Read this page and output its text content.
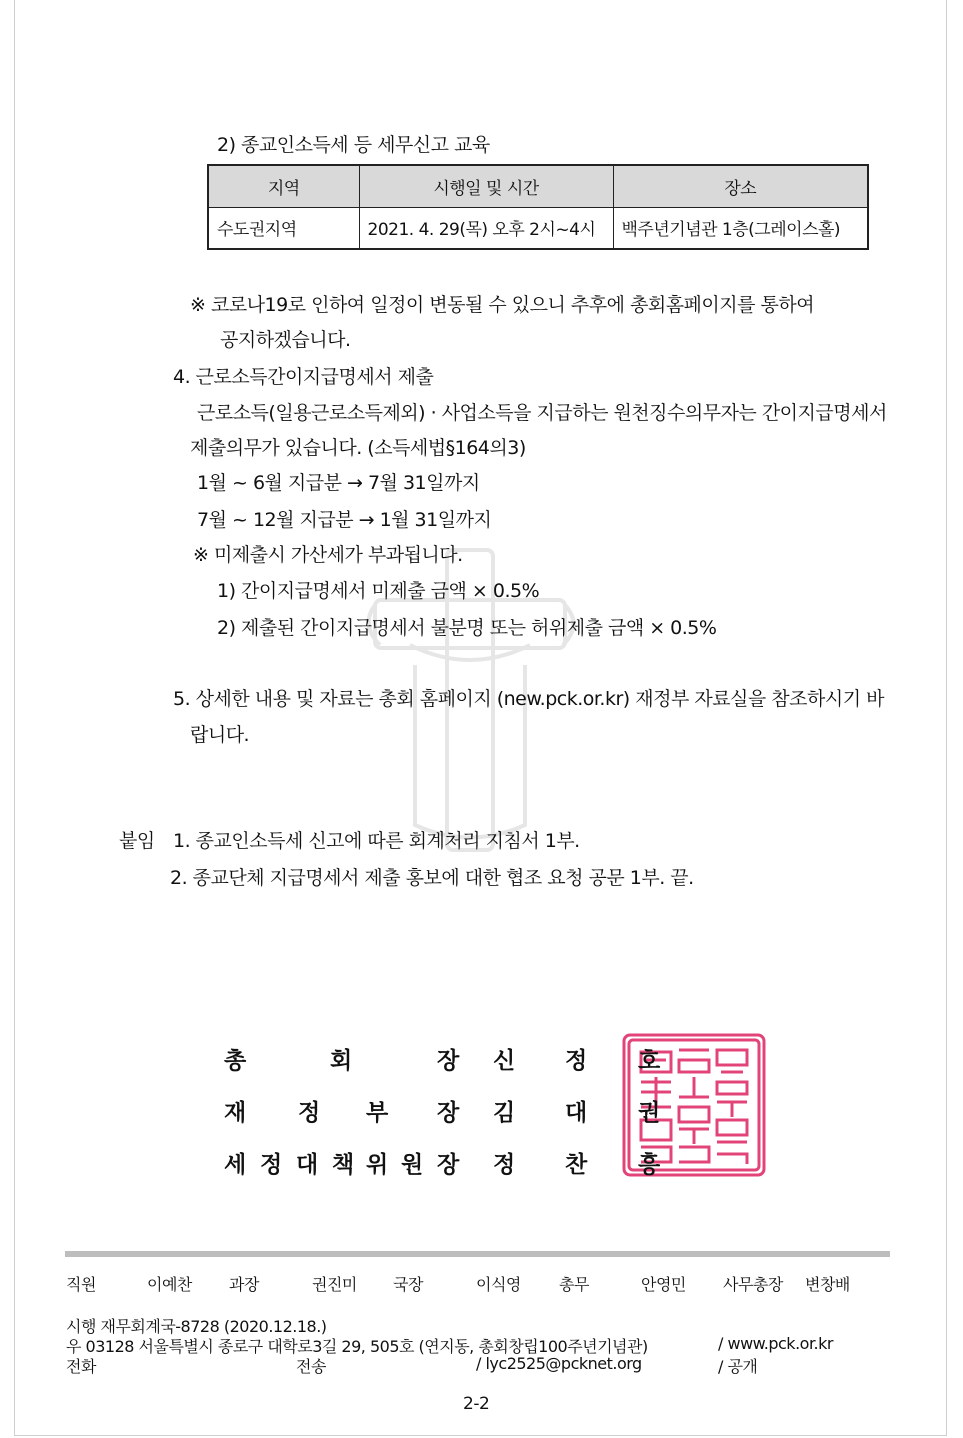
2) 종교인소득세 등 세무신고 교육
지역	시행일 및 시간	장소
수도권지역	2021. 4. 29(목) 오후 2시~4시	백주년기념관 1층(그레이스홀)
※ 코로나19로 인하여 일정이 변동될 수 있으니 추후에 총회홈페이지를 통하여
공지하겠습니다.
4. 근로소득간이지급명세서 제출
근로소득(일용근로소득제외) · 사업소득을 지급하는 원천징수의무자는 간이지급명세서
제출의무가 있습니다. (소득세법§164의3)
1월 ~ 6월 지급분 → 7월 31일까지
7월 ~ 12월 지급분 → 1월 31일까지
※ 미제출시 가산세가 부과됩니다.
1) 간이지급명세서 미제출 금액 × 0.5%
2) 제출된 간이지급명세서 불분명 또는 허위제출 금액 × 0.5%
5. 상세한 내용 및 자료는 총회 홈페이지 (new.pck.or.kr) 재정부 자료실을 참조하시기 바
랍니다.
붙임 1. 종교인소득세 신고에 따른 회계처리 지침서 1부.
2. 종교단체 지급명세서 제출 홍보에 대한 협조 요청 공문 1부. 끝.
총	회	장 신 정 호
재 정 부 장 김 대 권
세 정 대 책 위 원 장 정 찬 흥
직원	이예찬 과장	권진미 국장	이식영 총무	안영민 사무총장 변창배
시행 재무회계국-8728 (2020.12.18.)
우 03128 서울특별시 종로구 대학로3길 29, 505호 (연지동, 총회창립100주년기념관)	/ www.pck.or.kr
전화	전송	/ lyc2525@pcknet.org	/ 공개
2-2
